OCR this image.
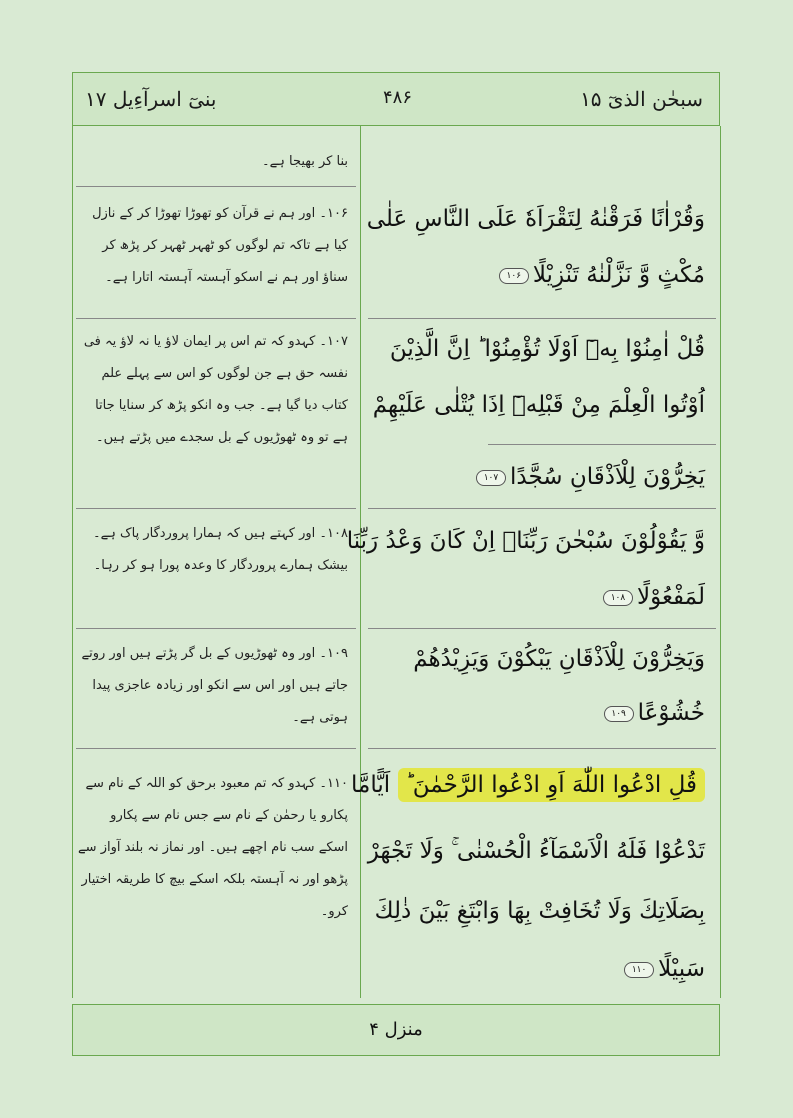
سبحٰن الذیٓ ۱۵
۴۸۶
بنیٓ اسرآءِیل ۱۷
وَقُرْاٰنًا فَرَقْنٰهُ لِتَقْرَاَهٗ عَلَى النَّاسِ عَلٰى
مُكْثٍ وَّ نَزَّلْنٰهُ تَنْزِيْلًا۱۰۶
قُلْ اٰمِنُوْا بِهٖٓ اَوْلَا تُؤْمِنُوْا ؕ اِنَّ الَّذِيْنَ
اُوْتُوا الْعِلْمَ مِنْ قَبْلِهٖٓ اِذَا يُتْلٰى عَلَيْهِمْ
يَخِرُّوْنَ لِلْاَذْقَانِ سُجَّدًا۱۰۷
وَّ يَقُوْلُوْنَ سُبْحٰنَ رَبِّنَاۤ اِنْ كَانَ وَعْدُ رَبِّنَا
لَمَفْعُوْلًا۱۰۸
وَيَخِرُّوْنَ لِلْاَذْقَانِ يَبْكُوْنَ وَيَزِيْدُهُمْ
خُشُوْعًا۱۰۹
قُلِ ادْعُوا اللّٰهَ اَوِ ادْعُوا الرَّحْمٰنَ ؕ اَيًّامَّا
تَدْعُوْا فَلَهُ الْاَسْمَآءُ الْحُسْنٰى ۚ وَلَا تَجْهَرْ
بِصَلَاتِكَ وَلَا تُخَافِتْ بِهَا وَابْتَغِ بَيْنَ ذٰلِكَ
سَبِيْلًا۱۱۰
بنا کر بھیجا ہے۔
۱۰۶۔ اور ہم نے قرآن کو تھوڑا تھوڑا کر کے نازل کیا ہے تاکہ تم لوگوں کو ٹھہر ٹھہر کر پڑھ کر سناؤ اور ہم نے اسکو آہستہ آہستہ اتارا ہے۔
۱۰۷۔ کہدو کہ تم اس پر ایمان لاؤ یا نہ لاؤ یہ فی نفسہ حق ہے جن لوگوں کو اس سے پہلے علم کتاب دیا گیا ہے۔ جب وہ انکو پڑھ کر سنایا جاتا ہے تو وہ ٹھوڑیوں کے بل سجدے میں پڑتے ہیں۔
۱۰۸۔ اور کہتے ہیں کہ ہمارا پروردگار پاک ہے۔ بیشک ہمارے پروردگار کا وعدہ پورا ہو کر رہا۔
۱۰۹۔ اور وہ ٹھوڑیوں کے بل گر پڑتے ہیں اور روتے جاتے ہیں اور اس سے انکو اور زیادہ عاجزی پیدا ہوتی ہے۔
۱۱۰۔ کہدو کہ تم معبود برحق کو اللہ کے نام سے پکارو یا رحمٰن کے نام سے جس نام سے پکارو اسکے سب نام اچھے ہیں۔ اور نماز نہ بلند آواز سے پڑھو اور نہ آہستہ بلکہ اسکے بیچ کا طریقہ اختیار کرو۔
منزل ۴
